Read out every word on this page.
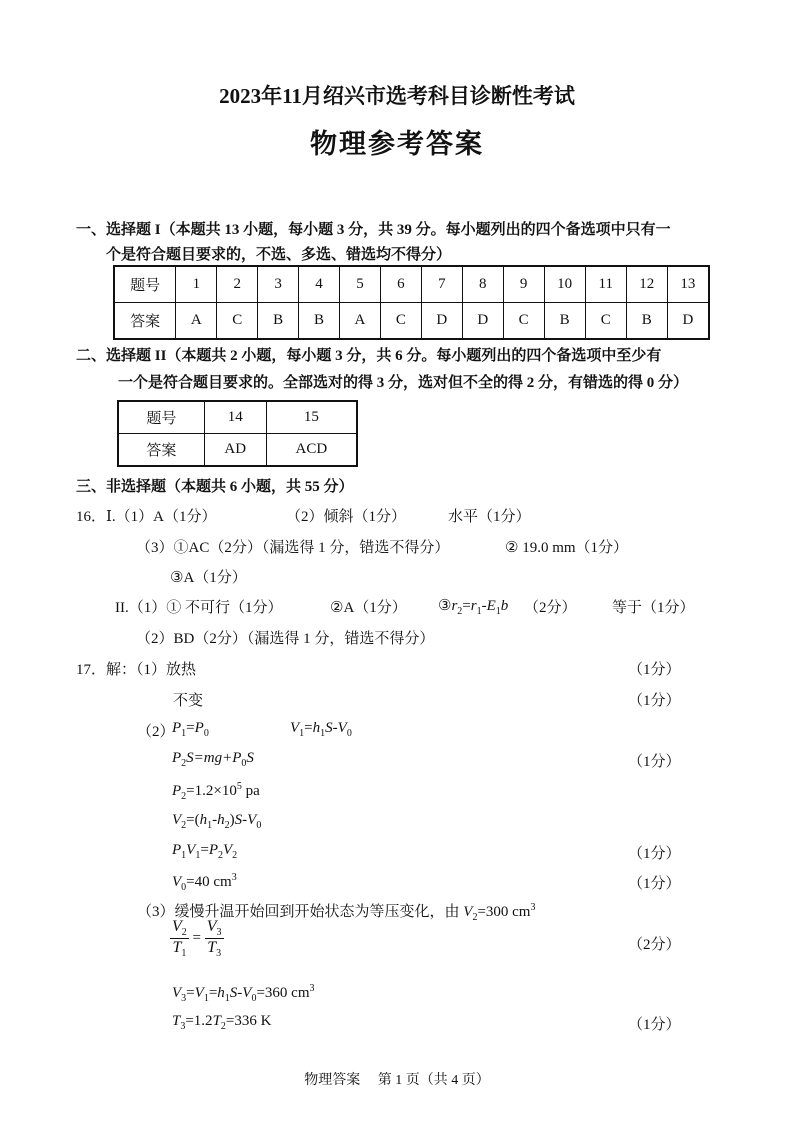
2023年11月绍兴市选考科目诊断性考试
物理参考答案
一、选择题 I（本题共 13 小题，每小题 3 分，共 39 分。每小题列出的四个备选项中只有一
个是符合题目要求的，不选、多选、错选均不得分）
题号	1	2	3	4	5	6	7	8	9	10	11	12	13
答案	A	C	B	B	A	C	D	D	C	B	C	B	D
二、选择题 II（本题共 2 小题，每小题 3 分，共 6 分。每小题列出的四个备选项中至少有
一个是符合题目要求的。全部选对的得 3 分，选对但不全的得 2 分，有错选的得 0 分）
题号	14	15
答案	AD	ACD
三、非选择题（本题共 6 小题，共 55 分）
16．Ⅰ.（1）A（1分）	（2）倾斜（1分）	水平（1分）
（3）①AC（2分）（漏选得 1 分，错选不得分）	② 19.0 mm（1分）
③A（1分）
II.（1）① 不可行（1分）	②A（1分） $③r_2=r_1-E_1b$ （2分） 等于（1分）
（2）BD（2分）（漏选得 1 分，错选不得分）
17．解：（1）放热	（1分）
不变	（1分）
（2）
$P_1=P_0$	$V_1=h_1S-V_0$
$P_2S=mg+P_0S$	（1分）
$P_2=1.2\times 10^5$ pa
$V_2=(h_1-h_2)S-V_0$
$P_1V_1=P_2V_2$	（1分）
$V_0=40$ $cm^3$	（1分）
（3）缓慢升温开始回到开始状态为等压变化，由 $V_2=300$ $cm^3$
$\frac{V_2}{T_1} = \frac{V_3}{T_3}$	（2分）
$V_3=V_1=h_1S-V_0=360$ $cm^3$
$T_3=1.2T_2=336$ K	（1分）
物理答案 第 1 页（共 4 页）
